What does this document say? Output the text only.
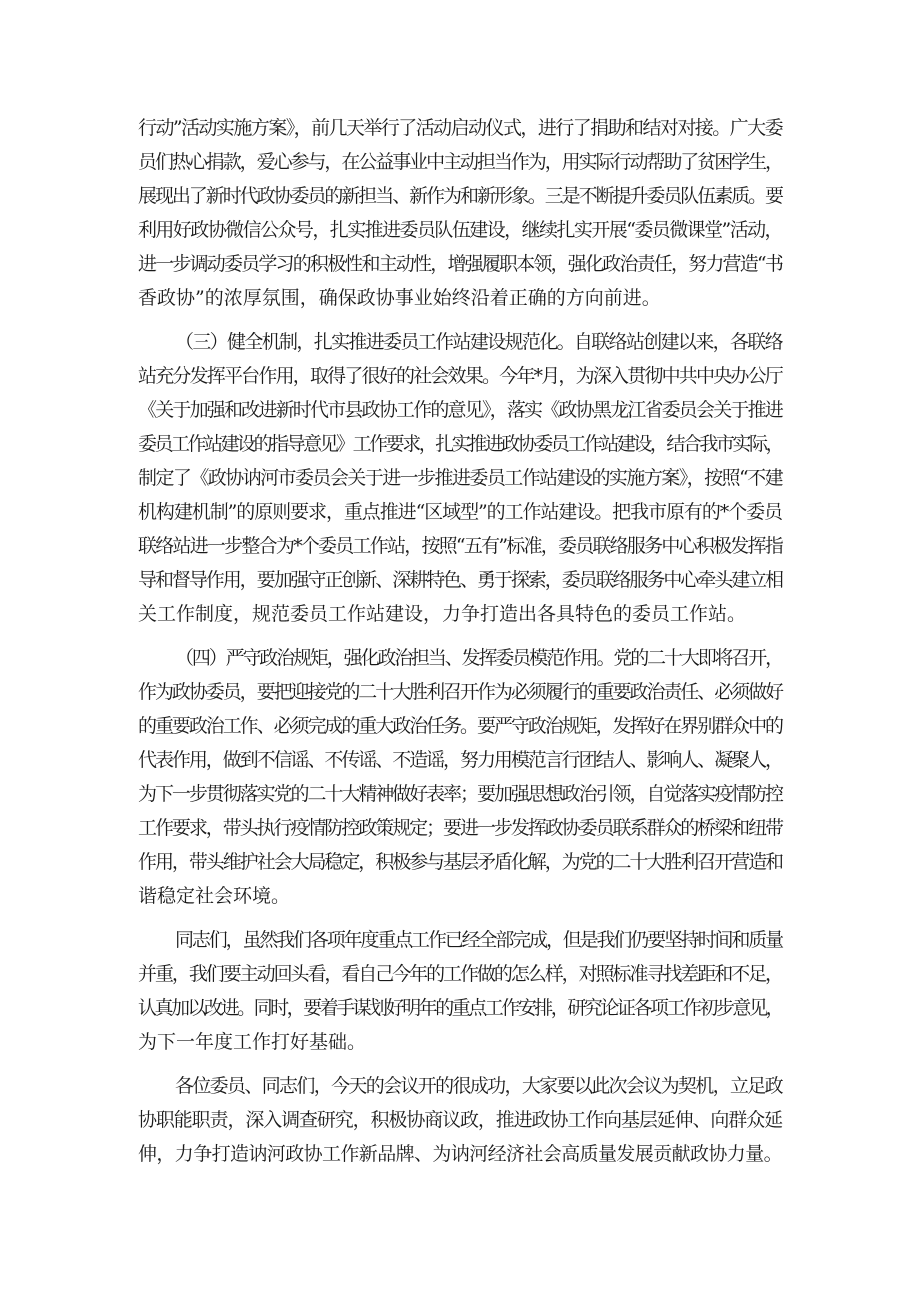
行动”活动实施方案》，前几天举行了活动启动仪式，进行了捐助和结对对接。广大委
员们热心捐款，爱心参与，在公益事业中主动担当作为，用实际行动帮助了贫困学生，
展现出了新时代政协委员的新担当、新作为和新形象。三是不断提升委员队伍素质。要
利用好政协微信公众号，扎实推进委员队伍建设，继续扎实开展“委员微课堂”活动，
进一步调动委员学习的积极性和主动性，增强履职本领，强化政治责任，努力营造“书
香政协”的浓厚氛围，确保政协事业始终沿着正确的方向前进。
（三）健全机制，扎实推进委员工作站建设规范化。自联络站创建以来，各联络
站充分发挥平台作用，取得了很好的社会效果。今年*月，为深入贯彻中共中央办公厅
《关于加强和改进新时代市县政协工作的意见》，落实《政协黑龙江省委员会关于推进
委员工作站建设的指导意见》工作要求，扎实推进政协委员工作站建设，结合我市实际，
制定了《政协讷河市委员会关于进一步推进委员工作站建设的实施方案》，按照“不建
机构建机制”的原则要求，重点推进“区域型”的工作站建设。把我市原有的*个委员
联络站进一步整合为*个委员工作站，按照“五有”标准，委员联络服务中心积极发挥指
导和督导作用，要加强守正创新、深耕特色、勇于探索，委员联络服务中心牵头建立相
关工作制度，规范委员工作站建设，力争打造出各具特色的委员工作站。
（四）严守政治规矩，强化政治担当、发挥委员模范作用。党的二十大即将召开，
作为政协委员，要把迎接党的二十大胜利召开作为必须履行的重要政治责任、必须做好
的重要政治工作、必须完成的重大政治任务。要严守政治规矩，发挥好在界别群众中的
代表作用，做到不信谣、不传谣、不造谣，努力用模范言行团结人、影响人、凝聚人，
为下一步贯彻落实党的二十大精神做好表率；要加强思想政治引领，自觉落实疫情防控
工作要求，带头执行疫情防控政策规定；要进一步发挥政协委员联系群众的桥梁和纽带
作用，带头维护社会大局稳定，积极参与基层矛盾化解，为党的二十大胜利召开营造和
谐稳定社会环境。
同志们，虽然我们各项年度重点工作已经全部完成，但是我们仍要坚持时间和质量
并重，我们要主动回头看，看自己今年的工作做的怎么样，对照标准寻找差距和不足，
认真加以改进。同时，要着手谋划好明年的重点工作安排，研究论证各项工作初步意见，
为下一年度工作打好基础。
各位委员、同志们，今天的会议开的很成功，大家要以此次会议为契机，立足政
协职能职责，深入调查研究，积极协商议政，推进政协工作向基层延伸、向群众延
伸，力争打造讷河政协工作新品牌、为讷河经济社会高质量发展贡献政协力量。
